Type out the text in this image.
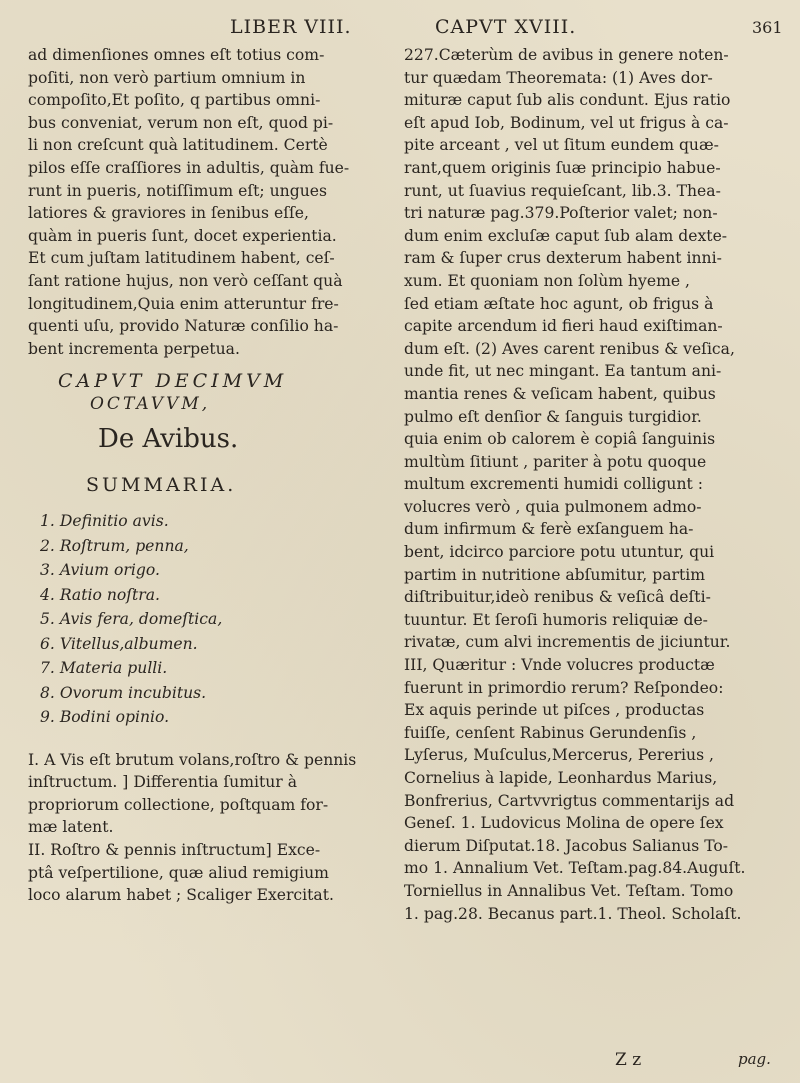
LIBER VIII.	CAPVT XVIII.	361
ad dimenſiones omnes eſt totius com-
poſiti, non verò partium omnium in
compoſito,Et poſito, q partibus omni-
bus conveniat, verum non eſt, quod pi-
li non creſcunt quà latitudinem. Certè
pilos eſſe craſſiores in adultis, quàm fue-
runt in pueris, notiſſimum eſt; ungues
latiores & graviores in ſenibus eſſe,
quàm in pueris ſunt, docet experientia.
Et cum juſtam latitudinem habent, ceſ-
ſant ratione hujus, non verò ceſſant quà
longitudinem,Quia enim atteruntur fre-
quenti uſu, provido Naturæ conſilio ha-
bent incrementa perpetua.
CAPVT DECIMVM
OCTAVVM,
De Avibus.
SUMMARIA.
1. Definitio avis.
2. Roſtrum, penna,
3. Avium origo.
4. Ratio noſtra.
5. Avis fera, domeſtica,
6. Vitellus,albumen.
7. Materia pulli.
8. Ovorum incubitus.
9. Bodini opinio.
I. A Vis eſt brutum volans,roſtro & pennis
inſtructum. ] Differentia ſumitur à
propriorum collectione, poſtquam for-
mæ latent.
II. Roſtro & pennis inſtructum] Exce-
ptâ veſpertilione, quæ aliud remigium
loco alarum habet ; Scaliger Exercitat.
227.Cæterùm de avibus in genere noten-
tur quædam Theoremata: (1) Aves dor-
mituræ caput ſub alis condunt. Ejus ratio
eſt apud Iob, Bodinum, vel ut frigus à ca-
pite arceant , vel ut ſitum eundem quæ-
rant,quem originis ſuæ principio habue-
runt, ut ſuavius requieſcant, lib.3. Thea-
tri naturæ pag.379.Poſterior valet; non-
dum enim excluſæ caput ſub alam dexte-
ram & ſuper crus dexterum habent inni-
xum. Et quoniam non ſolùm hyeme ,
ſed etiam æſtate hoc agunt, ob frigus à
capite arcendum id fieri haud exiſtiman-
dum eſt. (2) Aves carent renibus & veſica,
unde fit, ut nec mingant. Ea tantum ani-
mantia renes & veſicam habent, quibus
pulmo eſt denſior & ſanguis turgidior.
quia enim ob calorem è copiâ ſanguinis
multùm ſitiunt , pariter à potu quoque
multum excrementi humidi colligunt :
volucres verò , quia pulmonem admo-
dum infirmum & ferè exſanguem ha-
bent, idcirco parciore potu utuntur, qui
partim in nutritione abſumitur, partim
diſtribuitur,ideò renibus & veſicâ deſti-
tuuntur. Et ſeroſi humoris reliquiæ de-
rivatæ, cum alvi incrementis de jiciuntur.
III, Quæritur : Vnde volucres productæ
fuerunt in primordio rerum? Reſpondeo:
Ex aquis perinde ut piſces , productas
fuiſſe, cenſent Rabinus Gerundenſis ,
Lyſerus, Muſculus,Mercerus, Pererius ,
Cornelius à lapide, Leonhardus Marius,
Bonfrerius, Cartvvrigtus commentarijs ad
Geneſ. 1. Ludovicus Molina de opere ſex
dierum Diſputat.18. Jacobus Salianus To-
mo 1. Annalium Vet. Teſtam.pag.84.Auguſt.
Torniellus in Annalibus Vet. Teſtam. Tomo
1. pag.28. Becanus part.1. Theol. Scholaſt.
Z z	pag.
